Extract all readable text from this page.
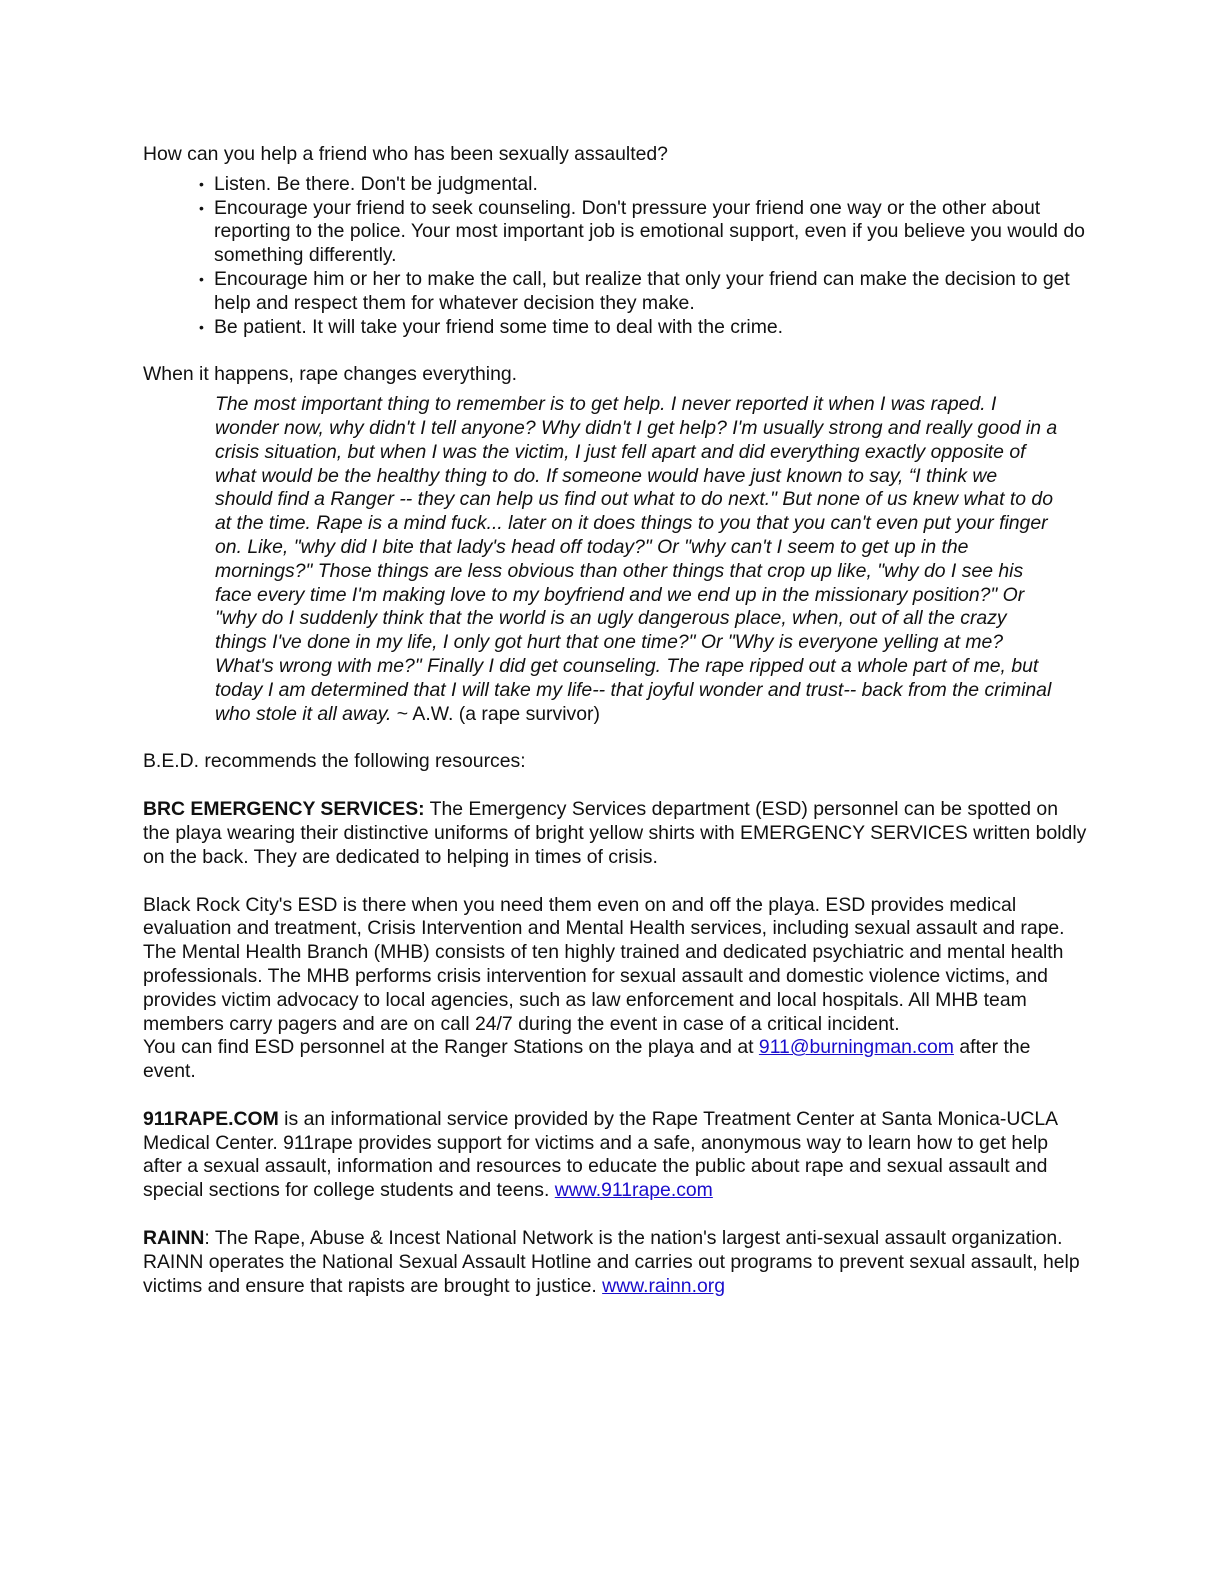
How can you help a friend who has been sexually assaulted?

• Listen. Be there. Don't be judgmental.
• Encourage your friend to seek counseling. Don't pressure your friend one way or the other about reporting to the police. Your most important job is emotional support, even if you believe you would do something differently.
• Encourage him or her to make the call, but realize that only your friend can make the decision to get help and respect them for whatever decision they make.
• Be patient. It will take your friend some time to deal with the crime.

When it happens, rape changes everything.

The most important thing to remember is to get help. I never reported it when I was raped. I
wonder now, why didn't I tell anyone? Why didn't I get help? I'm usually strong and really good in a
crisis situation, but when I was the victim, I just fell apart and did everything exactly opposite of
what would be the healthy thing to do. If someone would have just known to say, “I think we
should find a Ranger -- they can help us find out what to do next." But none of us knew what to do
at the time. Rape is a mind fuck... later on it does things to you that you can't even put your finger
on. Like, "why did I bite that lady's head off today?" Or "why can't I seem to get up in the
mornings?" Those things are less obvious than other things that crop up like, "why do I see his
face every time I'm making love to my boyfriend and we end up in the missionary position?" Or
"why do I suddenly think that the world is an ugly dangerous place, when, out of all the crazy
things I've done in my life, I only got hurt that one time?" Or "Why is everyone yelling at me?
What's wrong with me?" Finally I did get counseling. The rape ripped out a whole part of me, but
today I am determined that I will take my life-- that joyful wonder and trust-- back from the criminal
who stole it all away. ~ A.W. (a rape survivor)

B.E.D. recommends the following resources:

BRC EMERGENCY SERVICES: The Emergency Services department (ESD) personnel can be spotted on the playa wearing their distinctive uniforms of bright yellow shirts with EMERGENCY SERVICES written boldly on the back. They are dedicated to helping in times of crisis.

Black Rock City's ESD is there when you need them even on and off the playa. ESD provides medical evaluation and treatment, Crisis Intervention and Mental Health services, including sexual assault and rape. The Mental Health Branch (MHB) consists of ten highly trained and dedicated psychiatric and mental health professionals. The MHB performs crisis intervention for sexual assault and domestic violence victims, and provides victim advocacy to local agencies, such as law enforcement and local hospitals. All MHB team members carry pagers and are on call 24/7 during the event in case of a critical incident.
You can find ESD personnel at the Ranger Stations on the playa and at 911@burningman.com after the event.

911RAPE.COM is an informational service provided by the Rape Treatment Center at Santa Monica-UCLA Medical Center. 911rape provides support for victims and a safe, anonymous way to learn how to get help after a sexual assault, information and resources to educate the public about rape and sexual assault and special sections for college students and teens. www.911rape.com

RAINN: The Rape, Abuse & Incest National Network is the nation's largest anti-sexual assault organization. RAINN operates the National Sexual Assault Hotline and carries out programs to prevent sexual assault, help victims and ensure that rapists are brought to justice. www.rainn.org
